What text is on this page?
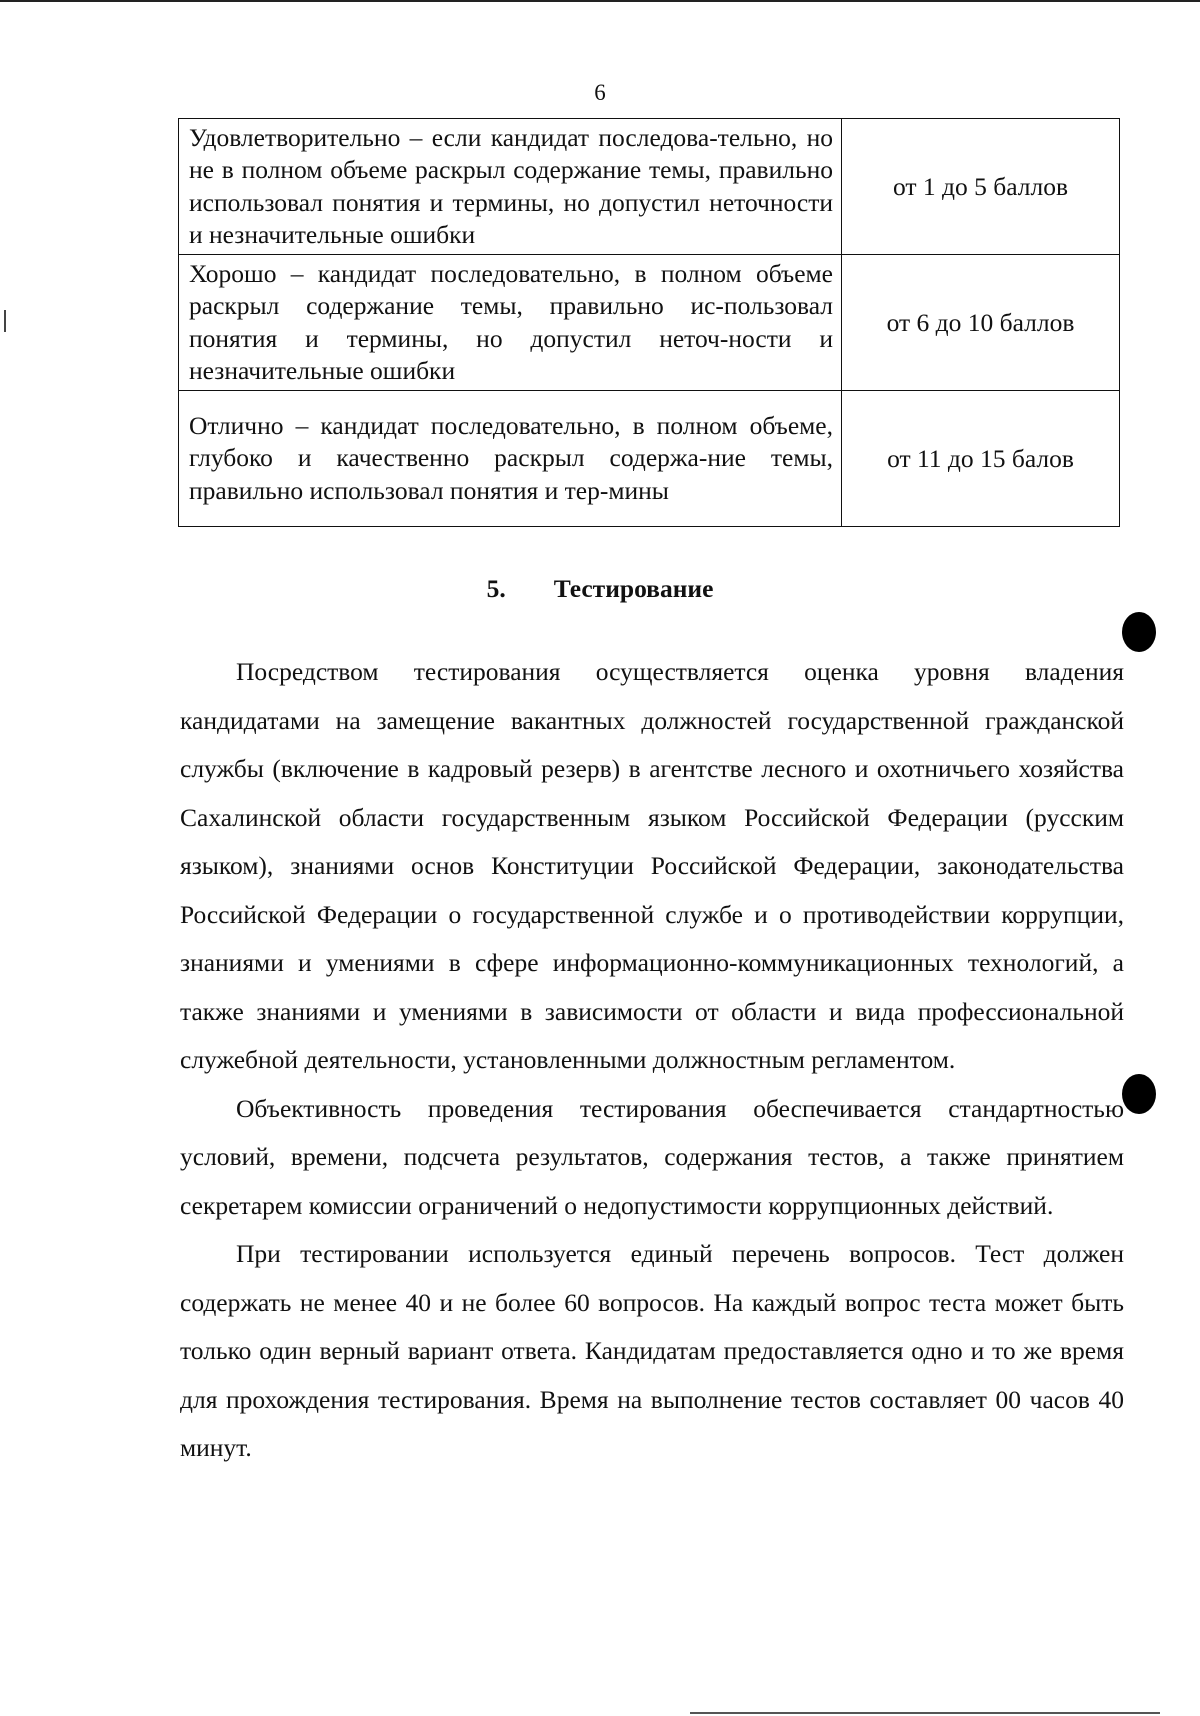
6
Удовлетворительно – если кандидат последова-тельно, но не в полном объеме раскрыл содержание темы, правильно использовал понятия и термины, но допустил неточности и незначительные ошибки	от 1 до 5 баллов
Хорошо – кандидат последовательно, в полном объеме раскрыл содержание темы, правильно ис-пользовал понятия и термины, но допустил неточ-ности и незначительные ошибки	от 6 до 10 баллов
Отлично – кандидат последовательно, в полном объеме, глубоко и качественно раскрыл содержа-ние темы, правильно использовал понятия и тер-мины	от 11 до 15 балов
5. Тестирование

Посредством тестирования осуществляется оценка уровня владения кандидатами на замещение вакантных должностей государственной гражданской службы (включение в кадровый резерв) в агентстве лесного и охотничьего хозяйства Сахалинской области государственным языком Российской Федерации (русским языком), знаниями основ Конституции Российской Федерации, законодательства Российской Федерации о государственной службе и о противодействии коррупции, знаниями и умениями в сфере информационно-коммуникационных технологий, а также знаниями и умениями в зависимости от области и вида профессиональной служебной деятельности, установленными должностным регламентом.

Объективность проведения тестирования обеспечивается стандартностью условий, времени, подсчета результатов, содержания тестов, а также принятием секретарем комиссии ограничений о недопустимости коррупционных действий.

При тестировании используется единый перечень вопросов. Тест должен содержать не менее 40 и не более 60 вопросов. На каждый вопрос теста может быть только один верный вариант ответа. Кандидатам предоставляется одно и то же время для прохождения тестирования. Время на выполнение тестов составляет 00 часов 40 минут.
